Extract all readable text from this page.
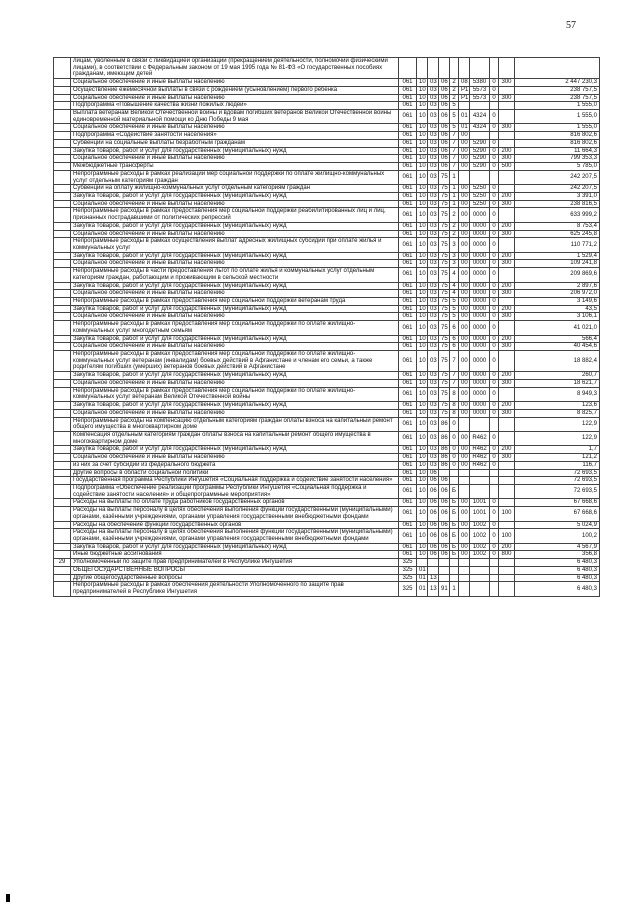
57
	лицам, уволенным в связи с ликвидацией организаций (прекращением деятельности, полномочий физическими лицами), в соответствии с Федеральным законом от 19 мая 1995 года № 81-ФЗ «О государственных пособиях гражданам, имеющим детей										
	Социальное обеспечение и иные выплаты населению	061	10	03	06	2	08	5380	0	300	2 447 230,3
	Осуществление ежемесячной выплаты в связи с рождением (усыновлением) первого ребенка	061	10	03	06	2	P1	5573	0		238 757,5
	Социальное обеспечение и иные выплаты населению	061	10	03	06	2	P1	5573	0	300	238 757,5
	Подпрограмма «Повышение качества жизни пожилых людей»	061	10	03	06	5					1 555,0
	Выплата ветеранам Великой Отечественной войны и вдовам погибших ветеранов Великой Отечественной войны единовременной материальной помощи ко Дню Победы 9 мая	061	10	03	06	5	01	4324	0		1 555,0
	Социальное обеспечение и иные выплаты населению	061	10	03	06	5	01	4324	0	300	1 555,0
	Подпрограмма «Содействие занятости населения»	061	10	03	06	7	00				816 802,6
	Субвенции на социальные выплаты безработным гражданам	061	10	03	06	7	00	5290	0		816 802,6
	Закупка товаров, работ и услуг для государственных (муниципальных) нужд	061	10	03	06	7	00	5290	0	200	11 664,3
	Социальное обеспечение и иные выплаты населению	061	10	03	06	7	00	5290	0	300	799 353,3
	Межбюджетные трансферты	061	10	03	06	7	00	5290	0	500	5 785,0
	Непрограммные расходы в рамках реализации мер социальной поддержки по оплате жилищно-коммунальных услуг отдельным категориям граждан	061	10	03	75	1					242 207,5
	Субвенции на оплату жилищно-коммунальных услуг отдельным категориям граждан	061	10	03	75	1	00	5250	0		242 207,5
	Закупка товаров, работ и услуг для государственных (муниципальных) нужд	061	10	03	75	1	00	5250	0	200	3 391,0
	Социальное обеспечение и иные выплаты населению	061	10	03	75	1	00	5250	0	300	238 816,5
	Непрограммные расходы в рамках предоставления мер социальной поддержки реабилитированных лиц и лиц, признанных пострадавшими от политических репрессий	061	10	03	75	2	00	0000	0		633 999,2
	Закупка товаров, работ и услуг для государственных (муниципальных) нужд	061	10	03	75	2	00	0000	0	200	8 753,4
	Социальное обеспечение и иные выплаты населению	061	10	03	75	2	00	0000	0	300	625 245,8
	Непрограммные расходы в рамках осуществления выплат адресных жилищных субсидий при оплате жилья и коммунальных услуг	061	10	03	75	3	00	0000	0		110 771,2
	Закупка товаров, работ и услуг для государственных (муниципальных) нужд	061	10	03	75	3	00	0000	0	200	1 529,4
	Социальное обеспечение и иные выплаты населению	061	10	03	75	3	00	0000	0	300	109 241,8
	Непрограммные расходы в части предоставления льгот по оплате жилья и коммунальных услуг отдельным категориям граждан, работающим и проживающим в сельской местности	061	10	03	75	4	00	0000	0		209 869,6
	Закупка товаров, работ и услуг для государственных (муниципальных) нужд	061	10	03	75	4	00	0000	0	200	2 897,6
	Социальное обеспечение и иные выплаты населению	061	10	03	75	4	00	0000	0	300	206 972,0
	Непрограммные расходы в рамках предоставления мер социальной поддержки ветеранам труда	061	10	03	75	5	00	0000	0		3 149,6
	Закупка товаров, работ и услуг для государственных (муниципальных) нужд	061	10	03	75	5	00	0000	0	200	43,5
	Социальное обеспечение и иные выплаты населению	061	10	03	75	5	00	0000	0	300	3 106,1
	Непрограммные расходы в рамках предоставления мер социальной поддержки по оплате жилищно-коммунальных услуг многодетным семьям	061	10	03	75	6	00	0000	0		41 021,0
	Закупка товаров, работ и услуг для государственных (муниципальных) нужд	061	10	03	75	6	00	0000	0	200	566,4
	Социальное обеспечение и иные выплаты населению	061	10	03	75	6	00	0000	0	300	40 454,6
	Непрограммные расходы в рамках предоставления мер социальной поддержки по оплате жилищно-коммунальных услуг ветеранам (инвалидам) боевых действий в Афганистане и членам его семьи, а также родителям погибших (умерших) ветеранов боевых действий в Афганистане	061	10	03	75	7	00	0000	0		18 882,4
	Закупка товаров, работ и услуг для государственных (муниципальных) нужд	061	10	03	75	7	00	0000	0	200	260,7
	Социальное обеспечение и иные выплаты населению	061	10	03	75	7	00	0000	0	300	18 621,7
	Непрограммные расходы в рамках предоставления мер социальной поддержки по оплате жилищно-коммунальных услуг ветеранам Великой Отечественной войны	061	10	03	75	8	00	0000	0		8 949,3
	Закупка товаров, работ и услуг для государственных (муниципальных) нужд	061	10	03	75	8	00	0000	0	200	123,6
	Социальное обеспечение и иные выплаты населению	061	10	03	75	8	00	0000	0	300	8 825,7
	Непрограммные расходы на компенсацию отдельным категориям граждан оплаты взноса на капитальный ремонт общего имущества в многоквартирном доме	061	10	03	86	0					122,9
	Компенсация отдельным категориям граждан оплаты взноса на капитальный ремонт общего имущества в многоквартирном доме	061	10	03	86	0	00	R462	0		122,9
	Закупка товаров, работ и услуг для государственных (муниципальных) нужд	061	10	03	86	0	00	R462	0	200	1,7
	Социальное обеспечение и иные выплаты населению	061	10	03	86	0	00	R462	0	300	121,2
	из них за счет субсидии из федерального бюджета	061	10	03	86	0	00	R462	0		116,7
	Другие вопросы в области социальной политики	061	10	06							72 693,5
	Государственная программа Республики Ингушетия «Социальная поддержка и содействие занятости населения»	061	10	06	06						72 693,5
	Подпрограмма «Обеспечение реализации программы Республики Ингушетия «Социальная поддержка и содействие занятости населения» и общепрограммные мероприятия»	061	10	06	06	Б					72 693,5
	Расходы на выплаты по оплате труда работников государственных органов	061	10	06	06	Б	00	1001	0		67 668,6
	Расходы на выплаты персоналу в целях обеспечения выполнения функций государственными (муниципальными) органами, казёнными учреждениями, органами управления государственными внебюджетными фондами	061	10	06	06	Б	00	1001	0	100	67 668,6
	Расходы на обеспечение функций государственных органов	061	10	06	06	Б	00	1002	0		5 024,9
	Расходы на выплаты персоналу в целях обеспечения выполнения функций государственными (муниципальными) органами, казёнными учреждениями, органами управления государственными внебюджетными фондами	061	10	06	06	Б	00	1002	0	100	100,2
	Закупка товаров, работ и услуг для государственных (муниципальных) нужд	061	10	06	06	Б	00	1002	0	200	4 567,9
	Иные бюджетные ассигнования	061	10	06	06	Б	00	1002	0	800	356,8
29	Уполномоченный по защите прав предпринимателей в Республике Ингушетия	325									6 480,3
	ОБЩЕГОСУДАРСТВЕННЫЕ ВОПРОСЫ	325	01								6 480,3
	Другие общегосударственные вопросы	325	01	13							6 480,3
	Непрограммные расходы в рамках обеспечения деятельности Уполномоченного по защите прав предпринимателей в Республике Ингушетия	325	01	13	91	1					6 480,3
